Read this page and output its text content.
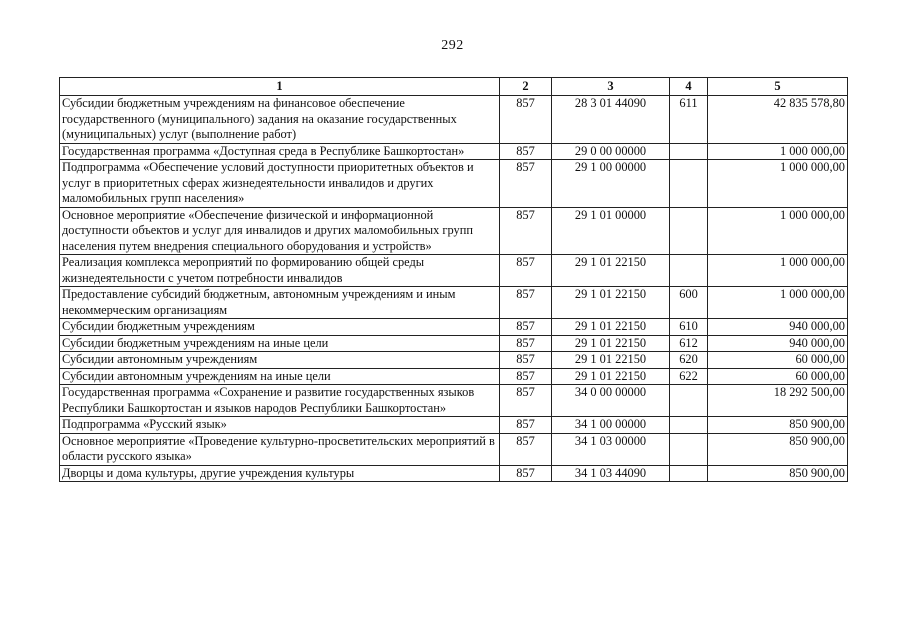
292
1	2	3	4	5
Субсидии бюджетным учреждениям на финансовое обеспечение государственного (муниципального) задания на оказание государственных (муниципальных) услуг (выполнение работ)	857	28 3 01 44090	611	42 835 578,80
Государственная программа «Доступная среда в Республике Башкортостан»	857	29 0 00 00000		1 000 000,00
Подпрограмма «Обеспечение условий доступности приоритетных объектов и услуг в приоритетных сферах жизнедеятельности инвалидов и других маломобильных групп населения»	857	29 1 00 00000		1 000 000,00
Основное мероприятие «Обеспечение физической и информационной доступности объектов и услуг для инвалидов и других маломобильных групп населения путем внедрения специального оборудования и устройств»	857	29 1 01 00000		1 000 000,00
Реализация комплекса мероприятий по формированию общей среды жизнедеятельности с учетом потребности инвалидов	857	29 1 01 22150		1 000 000,00
Предоставление субсидий бюджетным, автономным учреждениям и иным некоммерческим организациям	857	29 1 01 22150	600	1 000 000,00
Субсидии бюджетным учреждениям	857	29 1 01 22150	610	940 000,00
Субсидии бюджетным учреждениям на иные цели	857	29 1 01 22150	612	940 000,00
Субсидии автономным учреждениям	857	29 1 01 22150	620	60 000,00
Субсидии автономным учреждениям на иные цели	857	29 1 01 22150	622	60 000,00
Государственная программа «Сохранение и развитие государственных языков Республики Башкортостан и языков народов Республики Башкортостан»	857	34 0 00 00000		18 292 500,00
Подпрограмма «Русский язык»	857	34 1 00 00000		850 900,00
Основное мероприятие «Проведение культурно-просветительских мероприятий в области русского языка»	857	34 1 03 00000		850 900,00
Дворцы и дома культуры, другие учреждения культуры	857	34 1 03 44090		850 900,00
